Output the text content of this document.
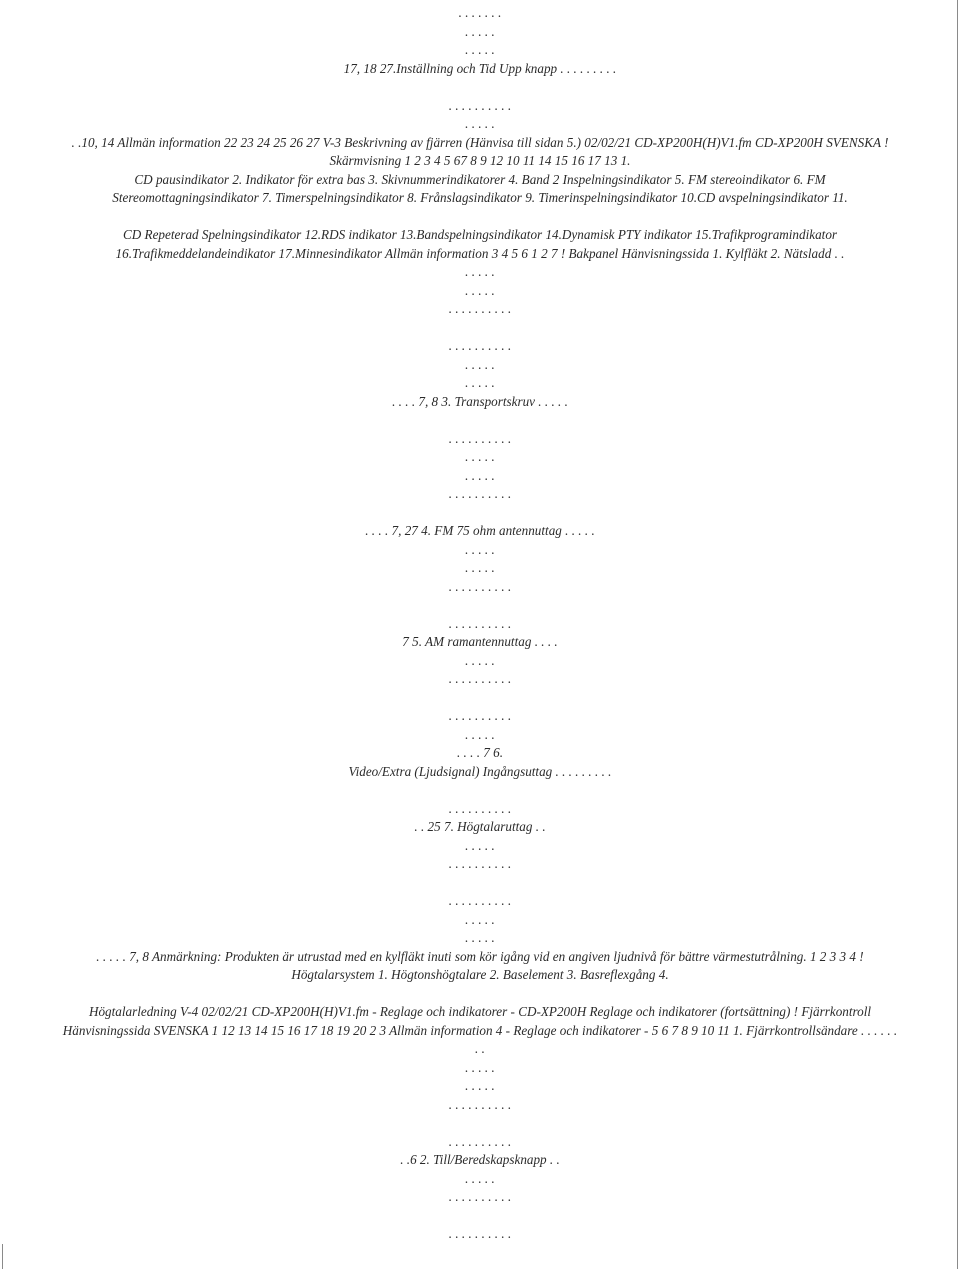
. . . . . . .
. . . . .
. . . . .
17, 18 27.Inställning och Tid Upp knapp . . . . . . . . .
. . . . . . . . . .
. . . . .
. .10, 14 Allmän information 22 23 24 25 26 27 V-3 Beskrivning av fjärren (Hänvisa till sidan 5.) 02/02/21 CD-XP200H(H)V1.fm CD-XP200H SVENSKA !
Skärmvisning 1 2 3 4 5 67 8 9 12 10 11 14 15 16 17 13 1.
CD pausindikator 2. Indikator för extra bas 3. Skivnummerindikatorer 4. Band 2 Inspelningsindikator 5. FM stereoindikator 6. FM
Stereomottagningsindikator 7. Timerspelningsindikator 8. Frånslagsindikator 9. Timerinspelningsindikator 10.CD avspelningsindikator 11.
CD Repeterad Spelningsindikator 12.RDS indikator 13.Bandspelningsindikator 14.Dynamisk PTY indikator 15.Trafikprogramindikator
16.Trafikmeddelandeindikator 17.Minnesindikator Allmän information 3 4 5 6 1 2 7 ! Bakpanel Hänvisningssida 1. Kylfläkt 2. Nätsladd . .
. . . . .
. . . . .
. . . . . . . . . .
. . . . . . . . . .
. . . . .
. . . . .
. . . . 7, 8 3. Transportskruv . . . . .
. . . . . . . . . .
. . . . .
. . . . .
. . . . . . . . . .
. . . . 7, 27 4. FM 75 ohm antennuttag . . . . .
. . . . .
. . . . .
. . . . . . . . . .
. . . . . . . . . .
7 5. AM ramantennuttag . . . .
. . . . .
. . . . . . . . . .
. . . . . . . . . .
. . . . .
. . . . 7 6.
Video/Extra (Ljudsignal) Ingångsuttag . . . . . . . . .
. . . . . . . . . .
. . 25 7. Högtalaruttag . .
. . . . .
. . . . . . . . . .
. . . . . . . . . .
. . . . .
. . . . .
. . . . . 7, 8 Anmärkning: Produkten är utrustad med en kylfläkt inuti som kör igång vid en angiven ljudnivå för bättre värmestutrålning. 1 2 3 3 4 !
Högtalarsystem 1. Högtonshögtalare 2. Baselement 3. Basreflexgång 4.
Högtalarledning V-4 02/02/21 CD-XP200H(H)V1.fm - Reglage och indikatorer - CD-XP200H Reglage och indikatorer (fortsättning) ! Fjärrkontroll
Hänvisningssida SVENSKA 1 12 13 14 15 16 17 18 19 20 2 3 Allmän information 4 - Reglage och indikatorer - 5 6 7 8 9 10 11 1. Fjärrkontrollsändare . . . . . .
. .
. . . . .
. . . . .
. . . . . . . . . .
. . . . . . . . . .
. .6 2. Till/Beredskapsknapp . .
. . . . .
. . . . . . . . . .
. . . . . . . . . .
